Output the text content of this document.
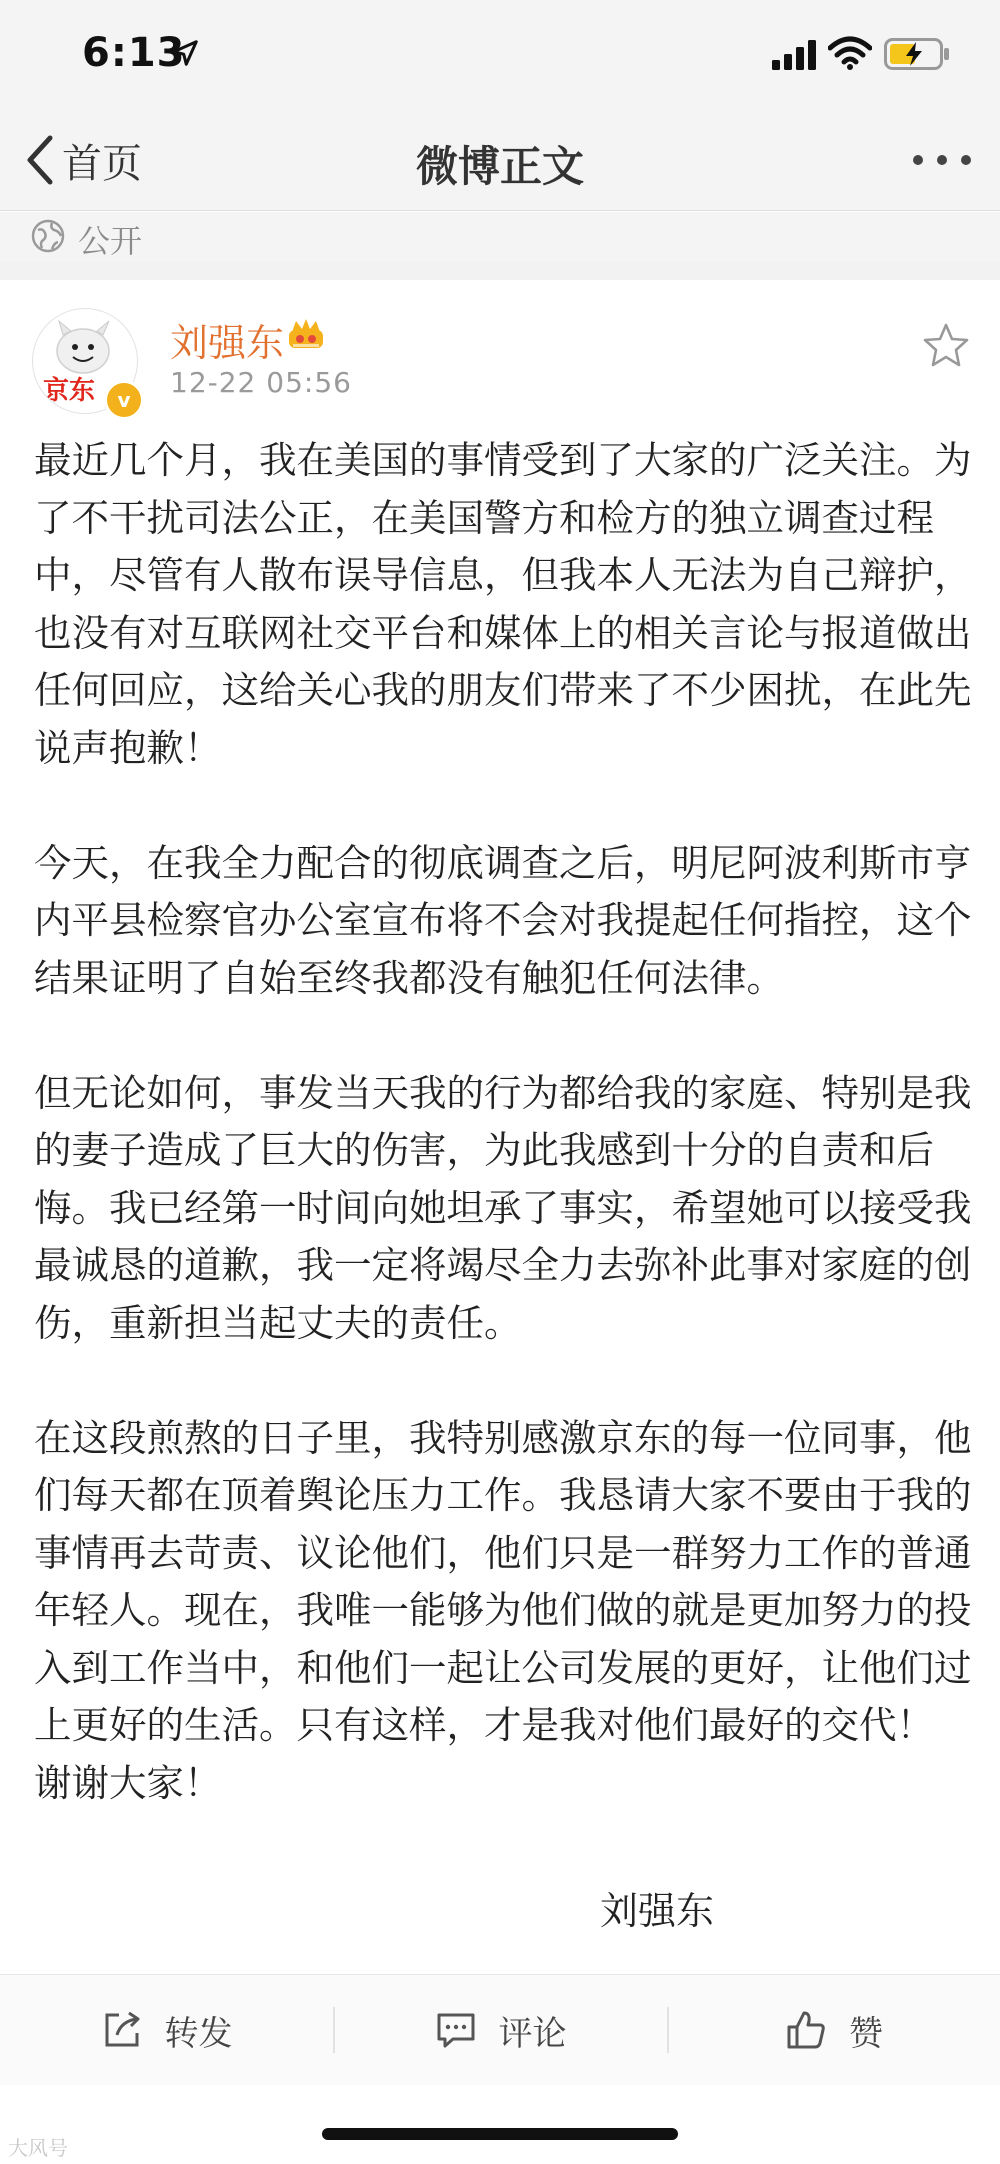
6:13
首页	微博正文
公开
京东	v
刘强东
12-22 05:56

最近几个月，我在美国的事情受到了大家的广泛关注。为了不干扰司法公正，在美国警方和检方的独立调查过程中，尽管有人散布误导信息，但我本人无法为自己辩护，也没有对互联网社交平台和媒体上的相关言论与报道做出任何回应，这给关心我的朋友们带来了不少困扰，在此先说声抱歉！

今天，在我全力配合的彻底调查之后，明尼阿波利斯市亨内平县检察官办公室宣布将不会对我提起任何指控，这个结果证明了自始至终我都没有触犯任何法律。

但无论如何，事发当天我的行为都给我的家庭、特别是我的妻子造成了巨大的伤害，为此我感到十分的自责和后悔。我已经第一时间向她坦承了事实，希望她可以接受我最诚恳的道歉，我一定将竭尽全力去弥补此事对家庭的创伤，重新担当起丈夫的责任。

在这段煎熬的日子里，我特别感激京东的每一位同事，他们每天都在顶着舆论压力工作。我恳请大家不要由于我的事情再去苛责、议论他们，他们只是一群努力工作的普通年轻人。现在，我唯一能够为他们做的就是更加努力的投入到工作当中，和他们一起让公司发展的更好，让他们过上更好的生活。只有这样，才是我对他们最好的交代！

谢谢大家！

刘强东
转发	评论	赞
大风号
